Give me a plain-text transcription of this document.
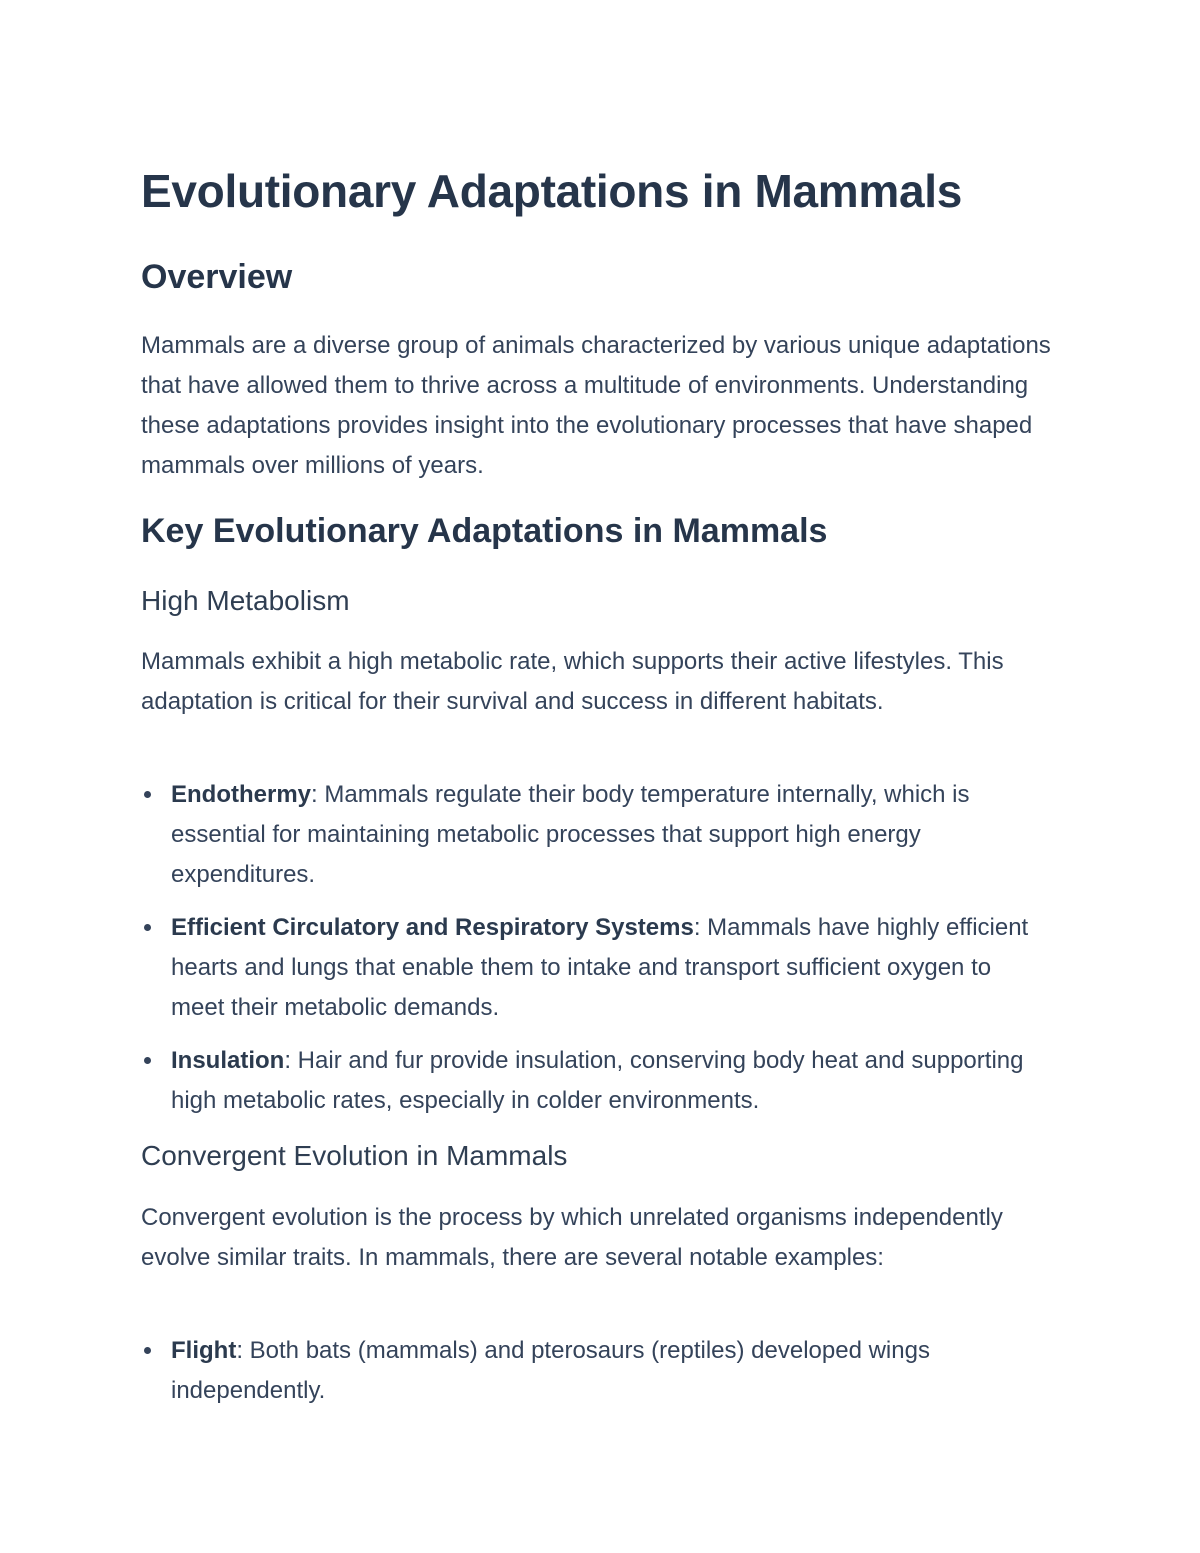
Evolutionary Adaptations in Mammals
Overview

Mammals are a diverse group of animals characterized by various unique adaptations that have allowed them to thrive across a multitude of environments. Understanding these adaptations provides insight into the evolutionary processes that have shaped mammals over millions of years.

Key Evolutionary Adaptations in Mammals
High Metabolism

Mammals exhibit a high metabolic rate, which supports their active lifestyles. This adaptation is critical for their survival and success in different habitats.

Endothermy: Mammals regulate their body temperature internally, which is essential for maintaining metabolic processes that support high energy expenditures.
Efficient Circulatory and Respiratory Systems: Mammals have highly efficient hearts and lungs that enable them to intake and transport sufficient oxygen to meet their metabolic demands.
Insulation: Hair and fur provide insulation, conserving body heat and supporting high metabolic rates, especially in colder environments.
Convergent Evolution in Mammals

Convergent evolution is the process by which unrelated organisms independently evolve similar traits. In mammals, there are several notable examples:

Flight: Both bats (mammals) and pterosaurs (reptiles) developed wings independently.
